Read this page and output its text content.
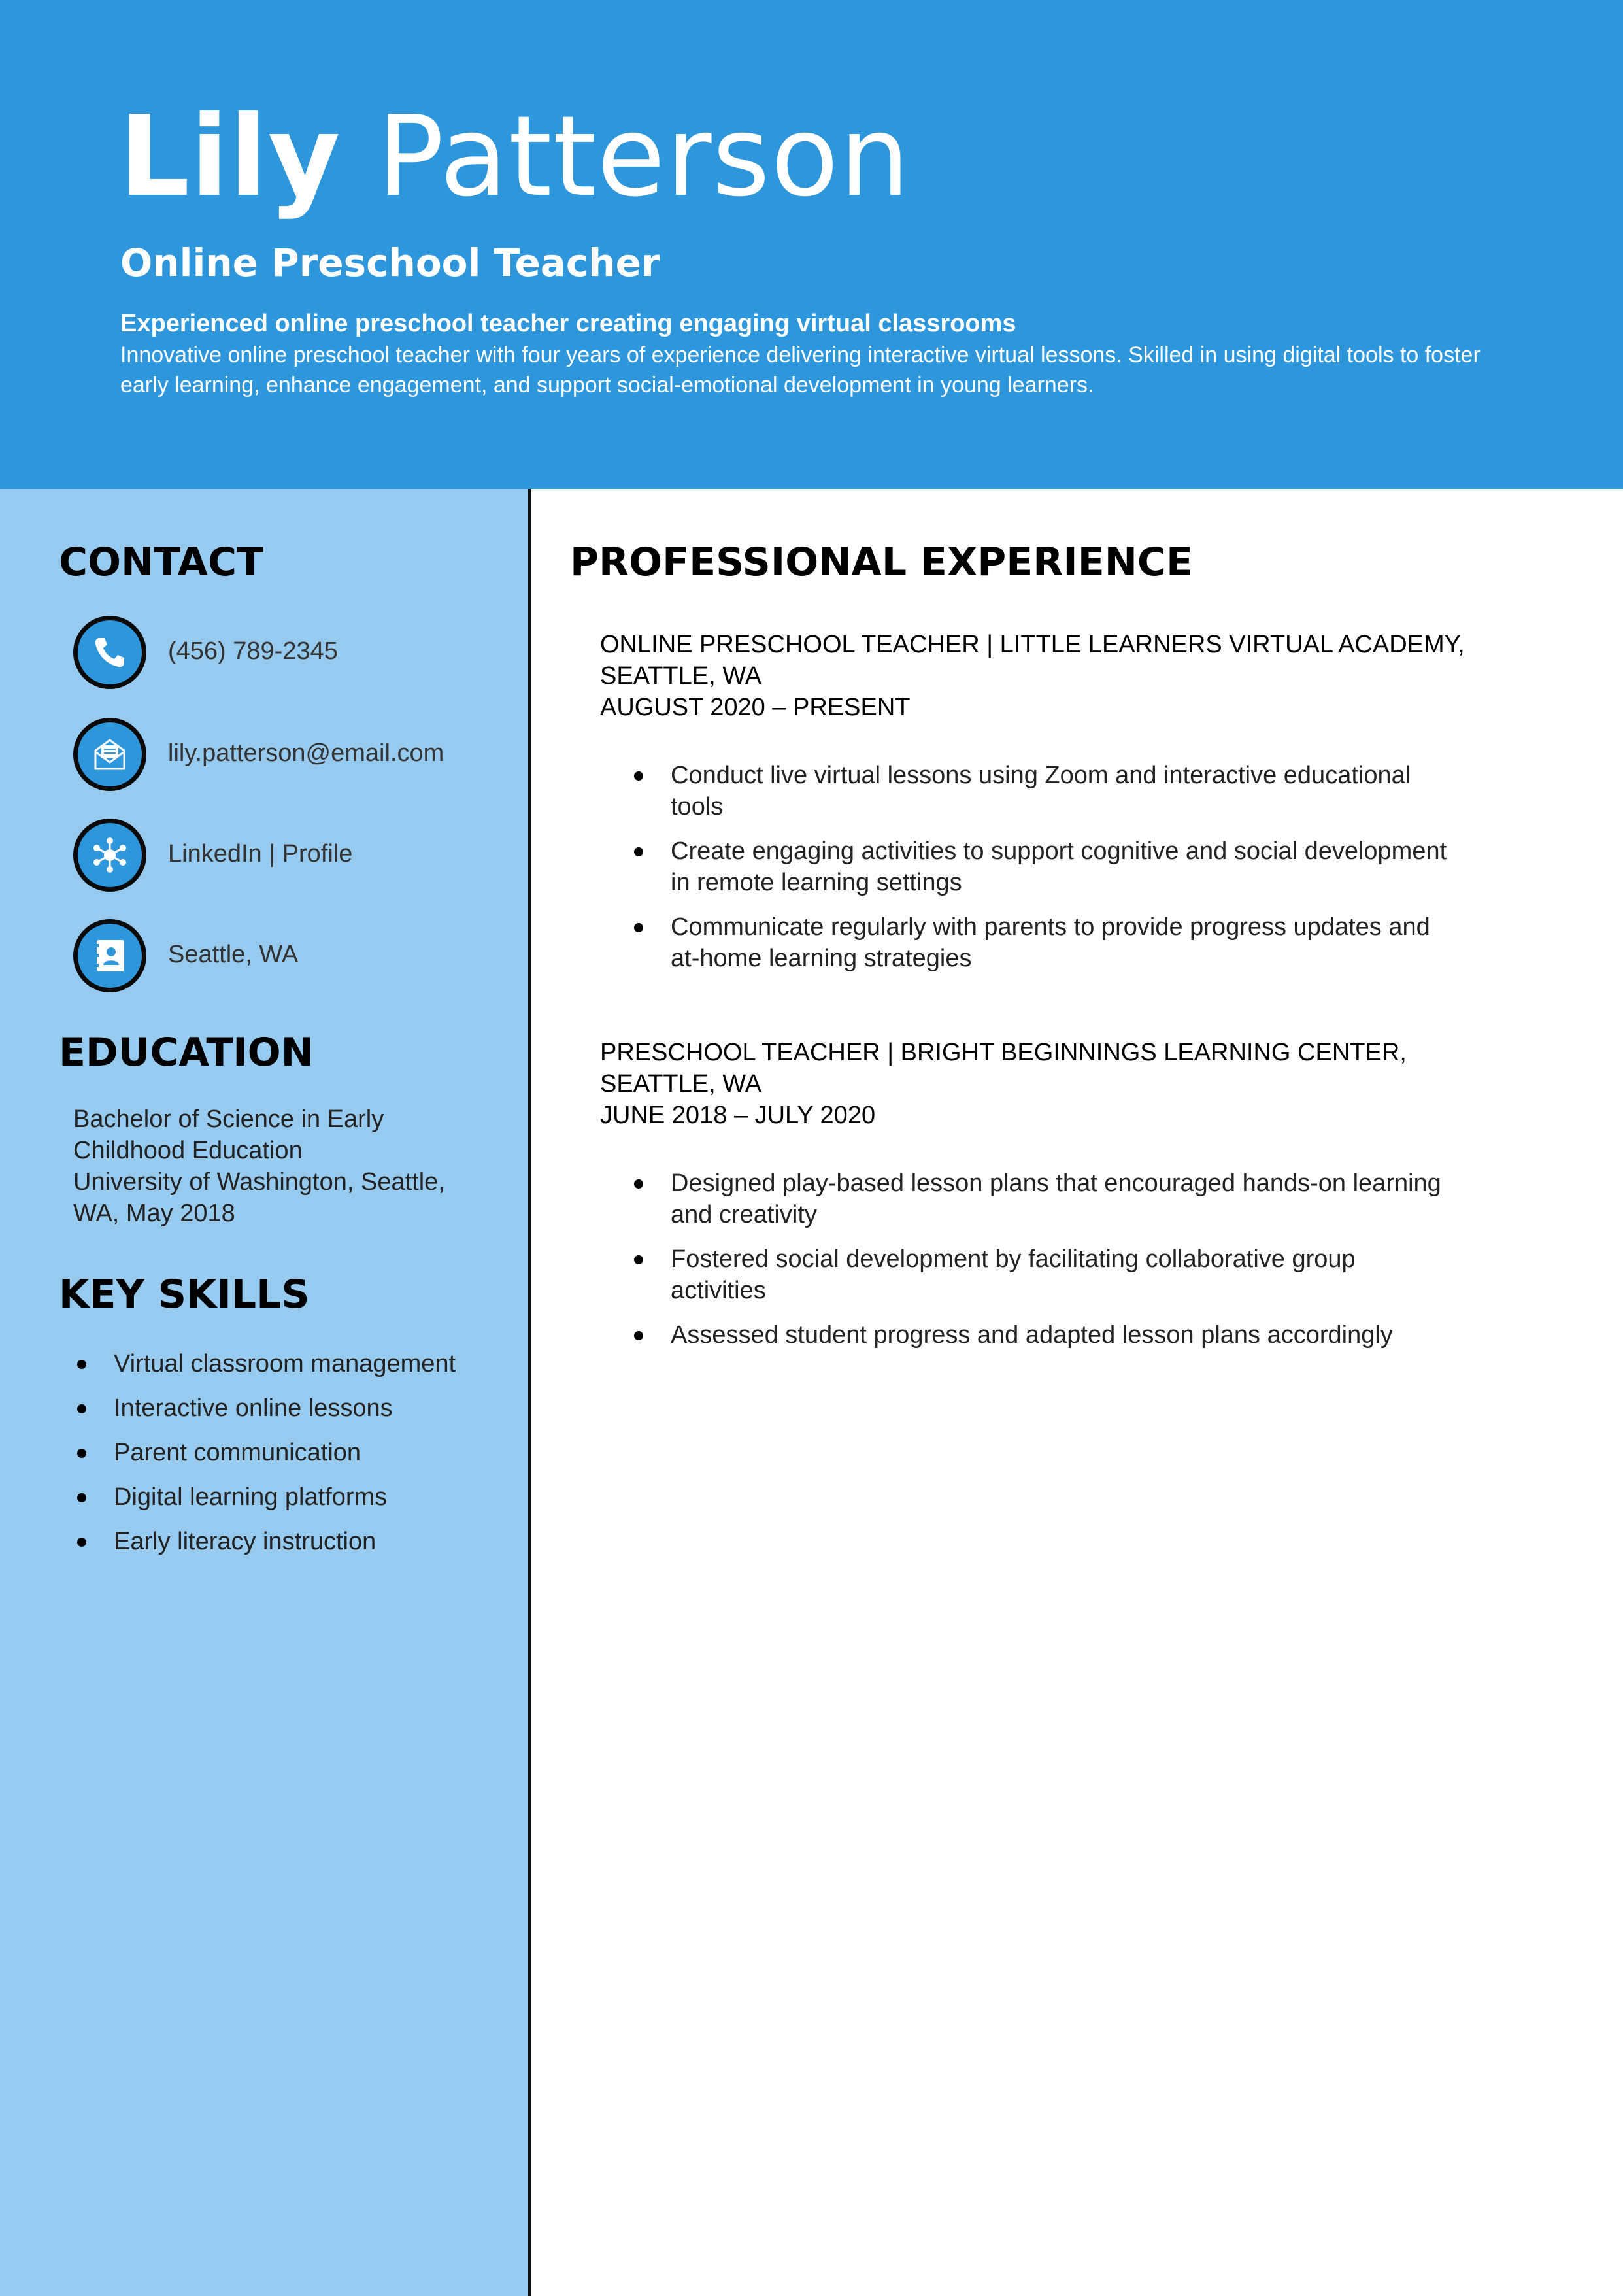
Lily Patterson
Online Preschool Teacher
Experienced online preschool teacher creating engaging virtual classrooms
Innovative online preschool teacher with four years of experience delivering interactive virtual lessons. Skilled in using digital tools to foster early learning, enhance engagement, and support social-emotional development in young learners.
CONTACT
(456) 789-2345
lily.patterson@email.com
LinkedIn | Profile
Seattle, WA
EDUCATION
Bachelor of Science in Early
Childhood Education
University of Washington, Seattle,
WA, May 2018
KEY SKILLS
Virtual classroom management
Interactive online lessons
Parent communication
Digital learning platforms
Early literacy instruction
PROFESSIONAL EXPERIENCE
ONLINE PRESCHOOL TEACHER | LITTLE LEARNERS VIRTUAL ACADEMY,
SEATTLE, WA
AUGUST 2020 – PRESENT
Conduct live virtual lessons using Zoom and interactive educational tools
Create engaging activities to support cognitive and social development in remote learning settings
Communicate regularly with parents to provide progress updates and at-home learning strategies
PRESCHOOL TEACHER | BRIGHT BEGINNINGS LEARNING CENTER,
SEATTLE, WA
JUNE 2018 – JULY 2020
Designed play-based lesson plans that encouraged hands-on learning and creativity
Fostered social development by facilitating collaborative group activities
Assessed student progress and adapted lesson plans accordingly
